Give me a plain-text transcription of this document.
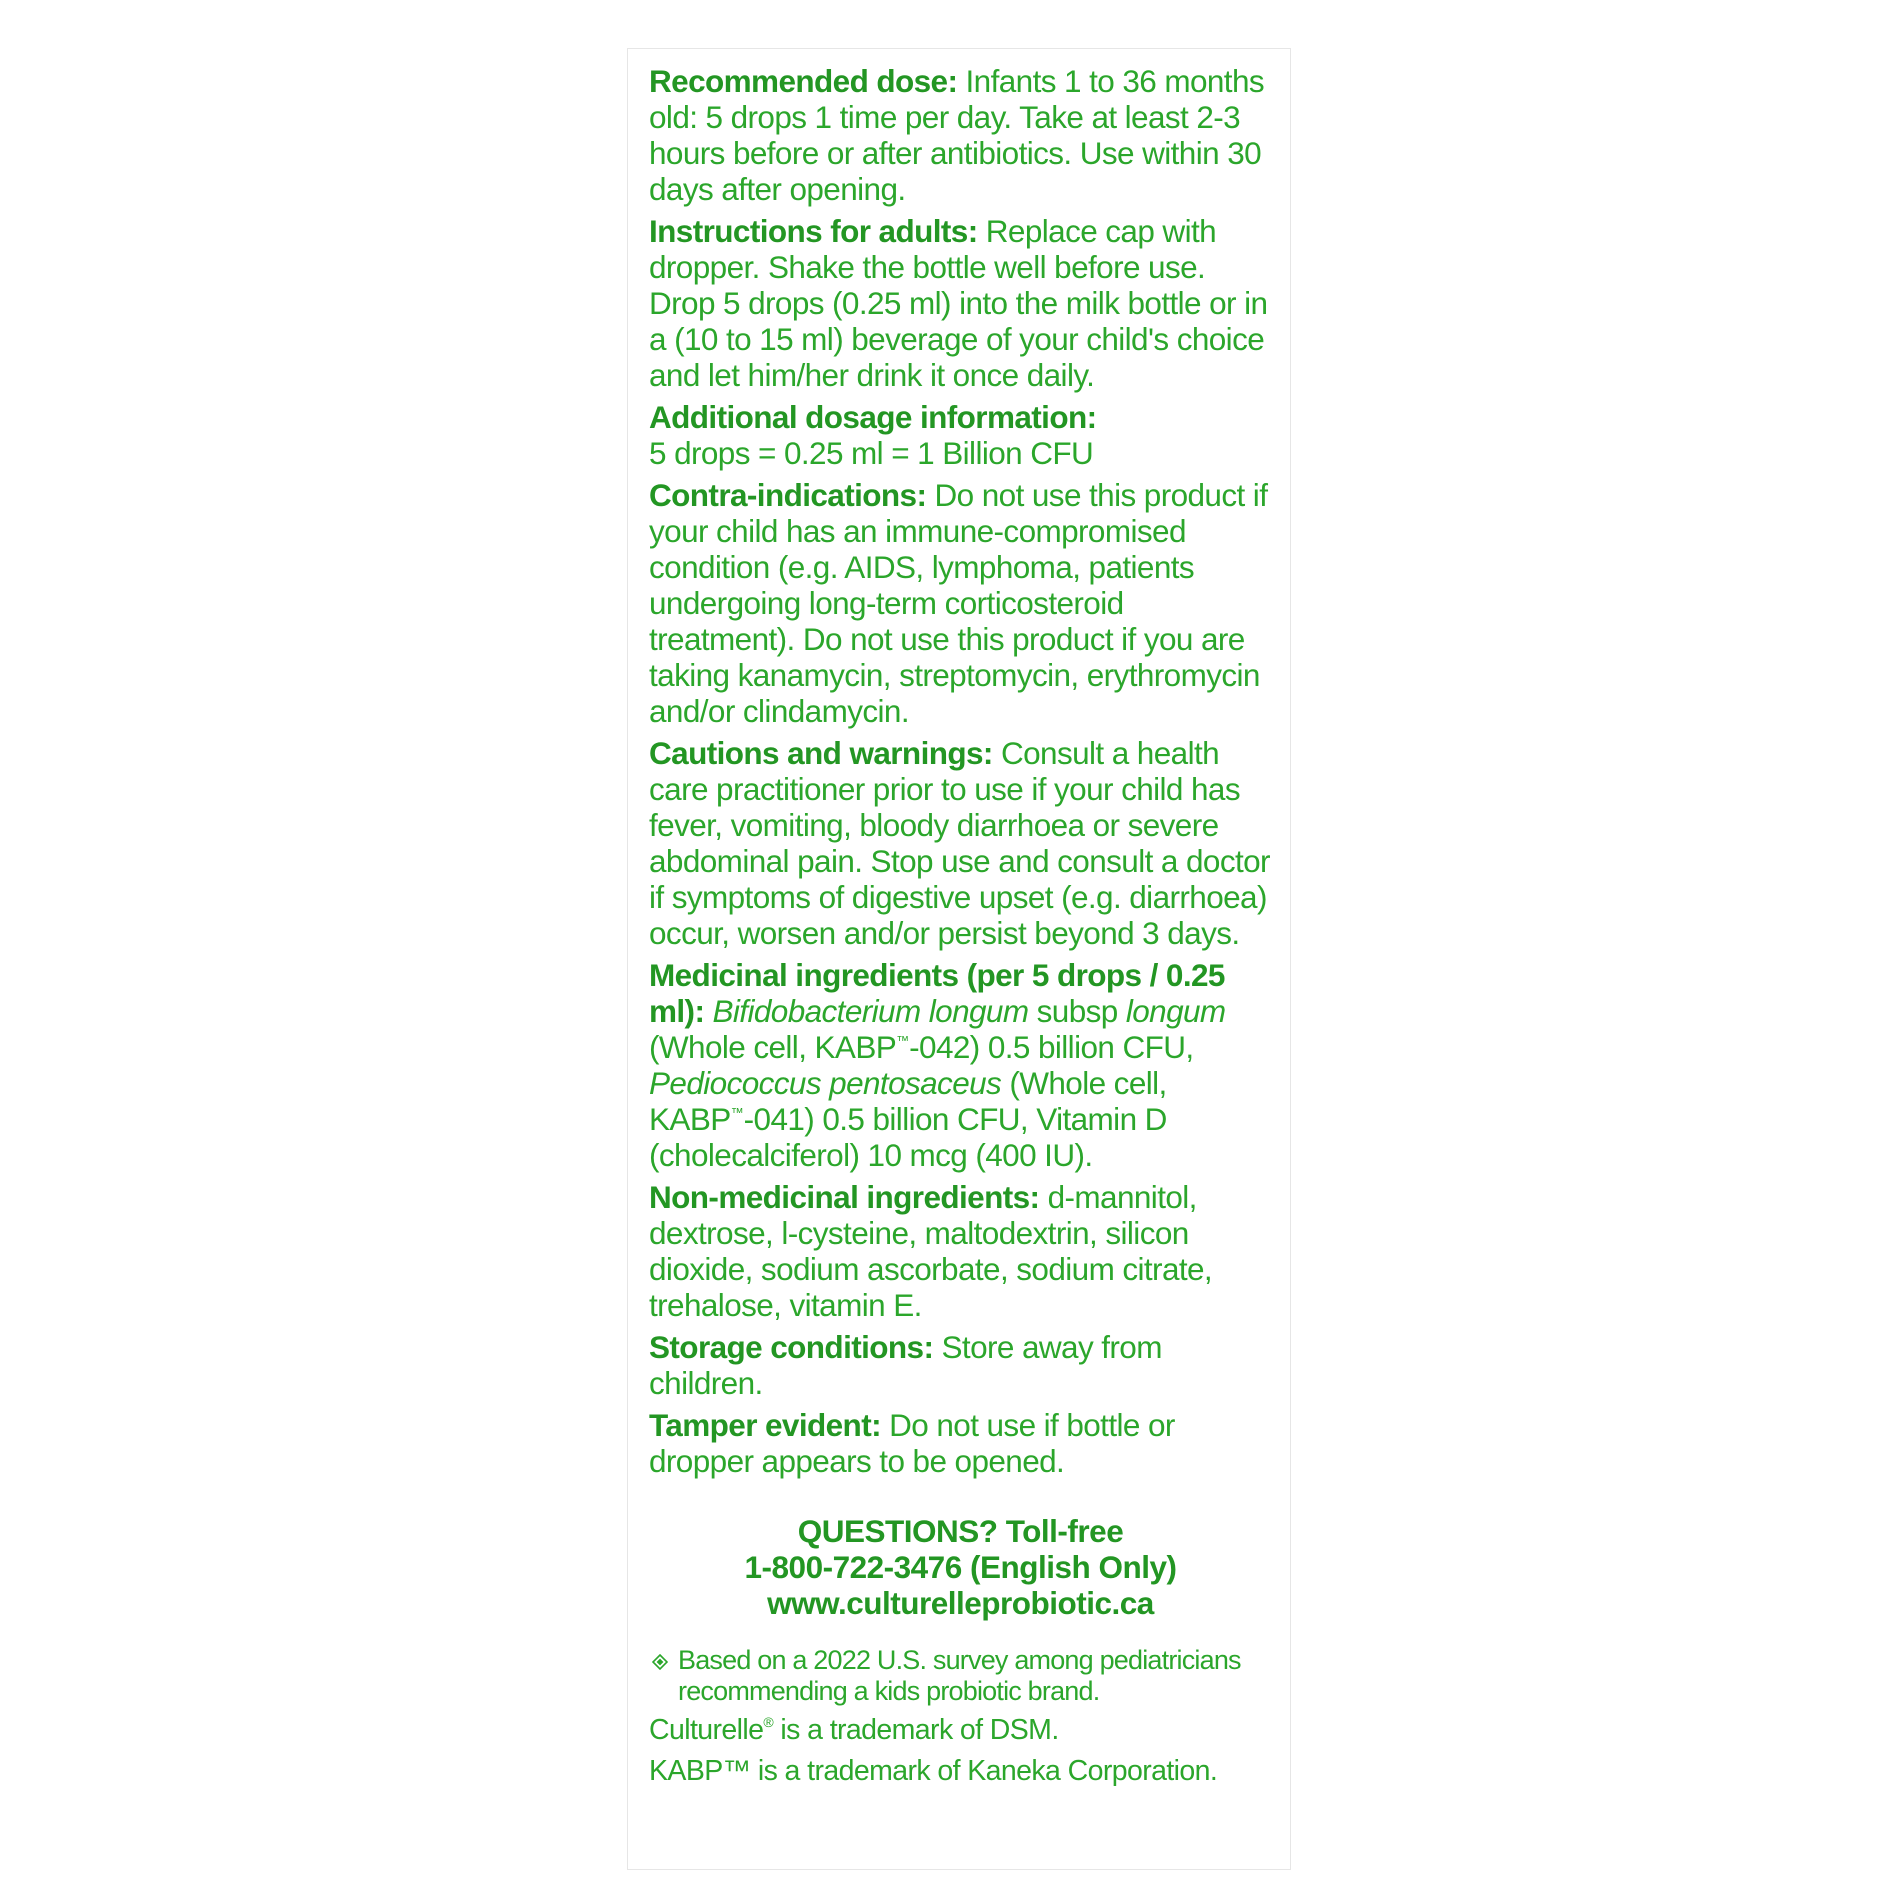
Recommended dose: Infants 1 to 36 months old: 5 drops 1 time per day. Take at least 2-3 hours before or after antibiotics. Use within 30 days after opening.

Instructions for adults: Replace cap with dropper. Shake the bottle well before use. Drop 5 drops (0.25 ml) into the milk bottle or in a (10 to 15 ml) beverage of your child's choice and let him/her drink it once daily.

Additional dosage information:
5 drops = 0.25 ml = 1 Billion CFU

Contra-indications: Do not use this product if your child has an immune-compromised condition (e.g. AIDS, lymphoma, patients undergoing long-term corticosteroid treatment). Do not use this product if you are taking kanamycin, streptomycin, erythromycin and/or clindamycin.

Cautions and warnings: Consult a health care practitioner prior to use if your child has fever, vomiting, bloody diarrhoea or severe abdominal pain. Stop use and consult a doctor if symptoms of digestive upset (e.g. diarrhoea) occur, worsen and/or persist beyond 3 days.

Medicinal ingredients (per 5 drops / 0.25 ml): Bifidobacterium longum subsp longum (Whole cell, KABP™-042) 0.5 billion CFU, Pediococcus pentosaceus (Whole cell, KABP™-041) 0.5 billion CFU, Vitamin D (cholecalciferol) 10 mcg (400 IU).

Non-medicinal ingredients: d-mannitol, dextrose, l-cysteine, maltodextrin, silicon dioxide, sodium ascorbate, sodium citrate, trehalose, vitamin E.

Storage conditions: Store away from children.

Tamper evident: Do not use if bottle or dropper appears to be opened.

QUESTIONS? Toll-free
1-800-722-3476 (English Only)
www.culturelleprobiotic.ca
Based on a 2022 U.S. survey among pediatricians recommending a kids probiotic brand.
Culturelle® is a trademark of DSM.
KABP™ is a trademark of Kaneka Corporation.
